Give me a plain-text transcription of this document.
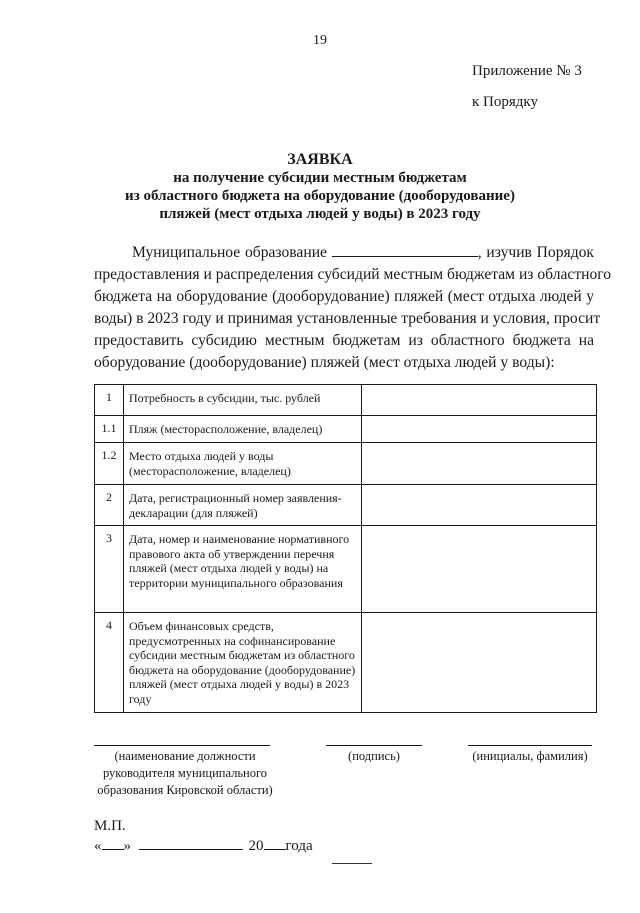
19
Приложение № 3
к Порядку
ЗАЯВКА
на получение субсидии местным бюджетам
из областного бюджета на оборудование (дооборудование)
пляжей (мест отдыха людей у воды) в 2023 году
Муниципальное образование	, изучив Порядок
предоставления и распределения субсидий местным бюджетам из областного
бюджета на оборудование (дооборудование) пляжей (мест отдыха людей у
воды) в 2023 году и принимая установленные требования и условия, просит
предоставить субсидию местным бюджетам из областного бюджета на
оборудование (дооборудование) пляжей (мест отдыха людей у воды):
1	Потребность в субсидии, тыс. рублей	
1.1	Пляж (месторасположение, владелец)	
1.2	Место отдыха людей у воды (месторасположение, владелец)	
2	Дата, регистрационный номер заявления-декларации (для пляжей)	
3	Дата, номер и наименование нормативного правового акта об утверждении перечня пляжей (мест отдыха людей у воды) на территории муниципального образования	
4	Объем финансовых средств, предусмотренных на софинансирование субсидии местным бюджетам из областного бюджета на оборудование (дооборудование) пляжей (мест отдыха людей у воды) в 2023 году	
(наименование должности руководителя муниципального образования Кировской области)
(подпись)	(инициалы, фамилия)
М.П.
« »	20 года
